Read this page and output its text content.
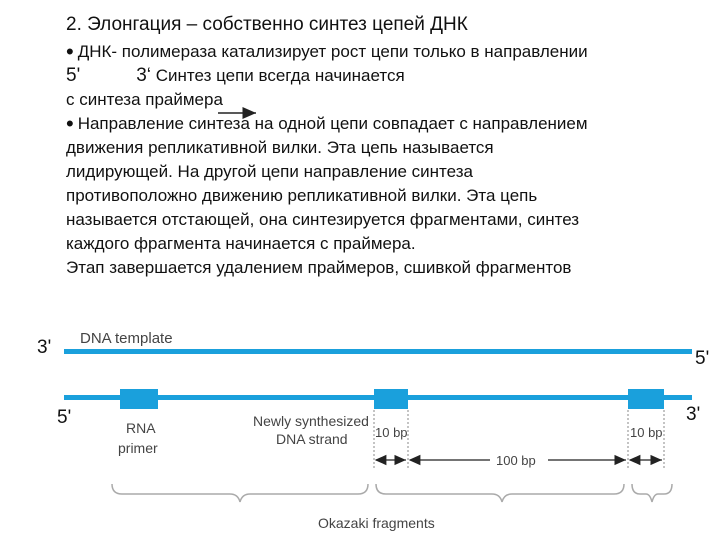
2. Элонгация – собственно синтез цепей ДНК
• ДНК- полимераза катализирует рост цепи только в направлении
5'	3‘ Синтез цепи всегда начинается
с синтеза праймера
• Направление синтеза на одной цепи совпадает с направлением
движения репликативной вилки. Эта цепь называется
лидирующей. На другой цепи направление синтеза
противоположно движению репликативной вилки. Эта цепь
называется отстающей, она синтезируется фрагментами, синтез
каждого фрагмента начинается с праймера.
Этап завершается удалением праймеров, сшивкой фрагментов
DNA template
RNA
primer
Newly synthesized
DNA strand 10 bp	10 bp
100 bp
Okazaki fragments
3'
5'
5'	3'
